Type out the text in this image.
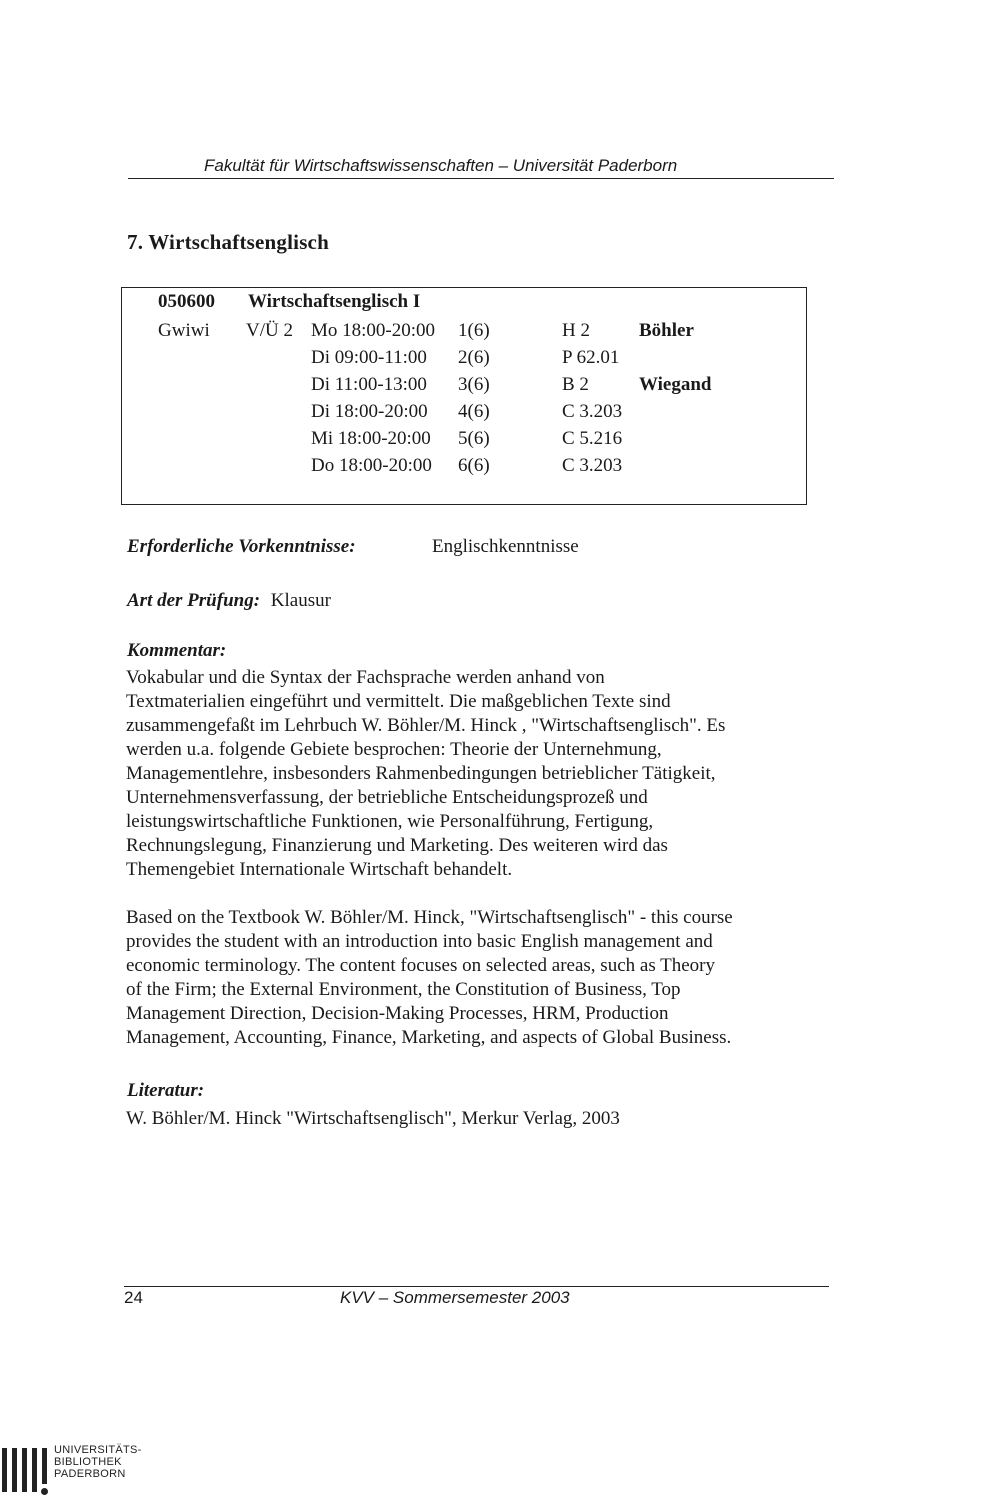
Fakultät für Wirtschaftswissenschaften – Universität Paderborn
7. Wirtschaftsenglisch
050600 Wirtschaftsenglisch I
Gwiwi V/Ü 2 Mo 18:00-20:00 1(6)	H 2	Böhler
Di 09:00-11:00 2(6)	P 62.01
Di 11:00-13:00 3(6)	B 2	Wiegand
Di 18:00-20:00 4(6)	C 3.203
Mi 18:00-20:00 5(6)	C 5.216
Do 18:00-20:00 6(6)	C 3.203
Erforderliche Vorkenntnisse:	Englischkenntnisse
Art der Prüfung: Klausur
Kommentar:
Vokabular und die Syntax der Fachsprache werden anhand von
Textmaterialien eingeführt und vermittelt. Die maßgeblichen Texte sind
zusammengefaßt im Lehrbuch W. Böhler/M. Hinck , "Wirtschaftsenglisch". Es
werden u.a. folgende Gebiete besprochen: Theorie der Unternehmung,
Managementlehre, insbesonders Rahmenbedingungen betrieblicher Tätigkeit,
Unternehmensverfassung, der betriebliche Entscheidungsprozeß und
leistungswirtschaftliche Funktionen, wie Personalführung, Fertigung,
Rechnungslegung, Finanzierung und Marketing. Des weiteren wird das
Themengebiet Internationale Wirtschaft behandelt.
Based on the Textbook W. Böhler/M. Hinck, "Wirtschaftsenglisch" - this course
provides the student with an introduction into basic English management and
economic terminology. The content focuses on selected areas, such as Theory
of the Firm; the External Environment, the Constitution of Business, Top
Management Direction, Decision-Making Processes, HRM, Production
Management, Accounting, Finance, Marketing, and aspects of Global Business.
Literatur:
W. Böhler/M. Hinck "Wirtschaftsenglisch", Merkur Verlag, 2003
24	KVV – Sommersemester 2003
UNIVERSITÄTS-
BIBLIOTHEK
PADERBORN
